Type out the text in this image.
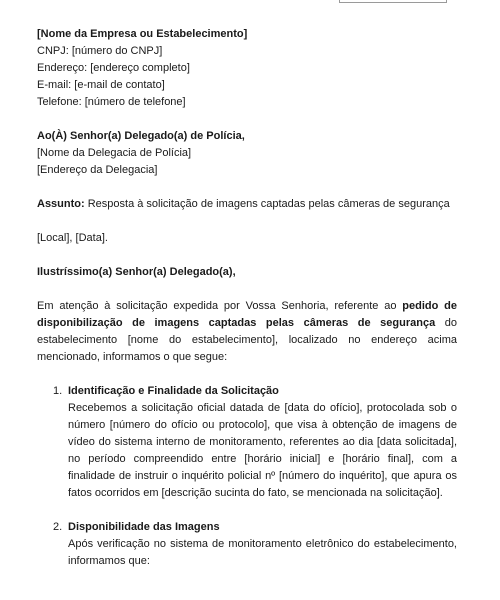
[Nome da Empresa ou Estabelecimento]
CNPJ: [número do CNPJ]
Endereço: [endereço completo]
E-mail: [e-mail de contato]
Telefone: [número de telefone]
Ao(À) Senhor(a) Delegado(a) de Polícia,
[Nome da Delegacia de Polícia]
[Endereço da Delegacia]
Assunto: Resposta à solicitação de imagens captadas pelas câmeras de segurança
[Local], [Data].
Ilustríssimo(a) Senhor(a) Delegado(a),
Em atenção à solicitação expedida por Vossa Senhoria, referente ao pedido de disponibilização de imagens captadas pelas câmeras de segurança do estabelecimento [nome do estabelecimento], localizado no endereço acima mencionado, informamos o que segue:
1. Identificação e Finalidade da Solicitação
Recebemos a solicitação oficial datada de [data do ofício], protocolada sob o número [número do ofício ou protocolo], que visa à obtenção de imagens de vídeo do sistema interno de monitoramento, referentes ao dia [data solicitada], no período compreendido entre [horário inicial] e [horário final], com a finalidade de instruir o inquérito policial nº [número do inquérito], que apura os fatos ocorridos em [descrição sucinta do fato, se mencionada na solicitação].
2. Disponibilidade das Imagens
Após verificação no sistema de monitoramento eletrônico do estabelecimento, informamos que:
